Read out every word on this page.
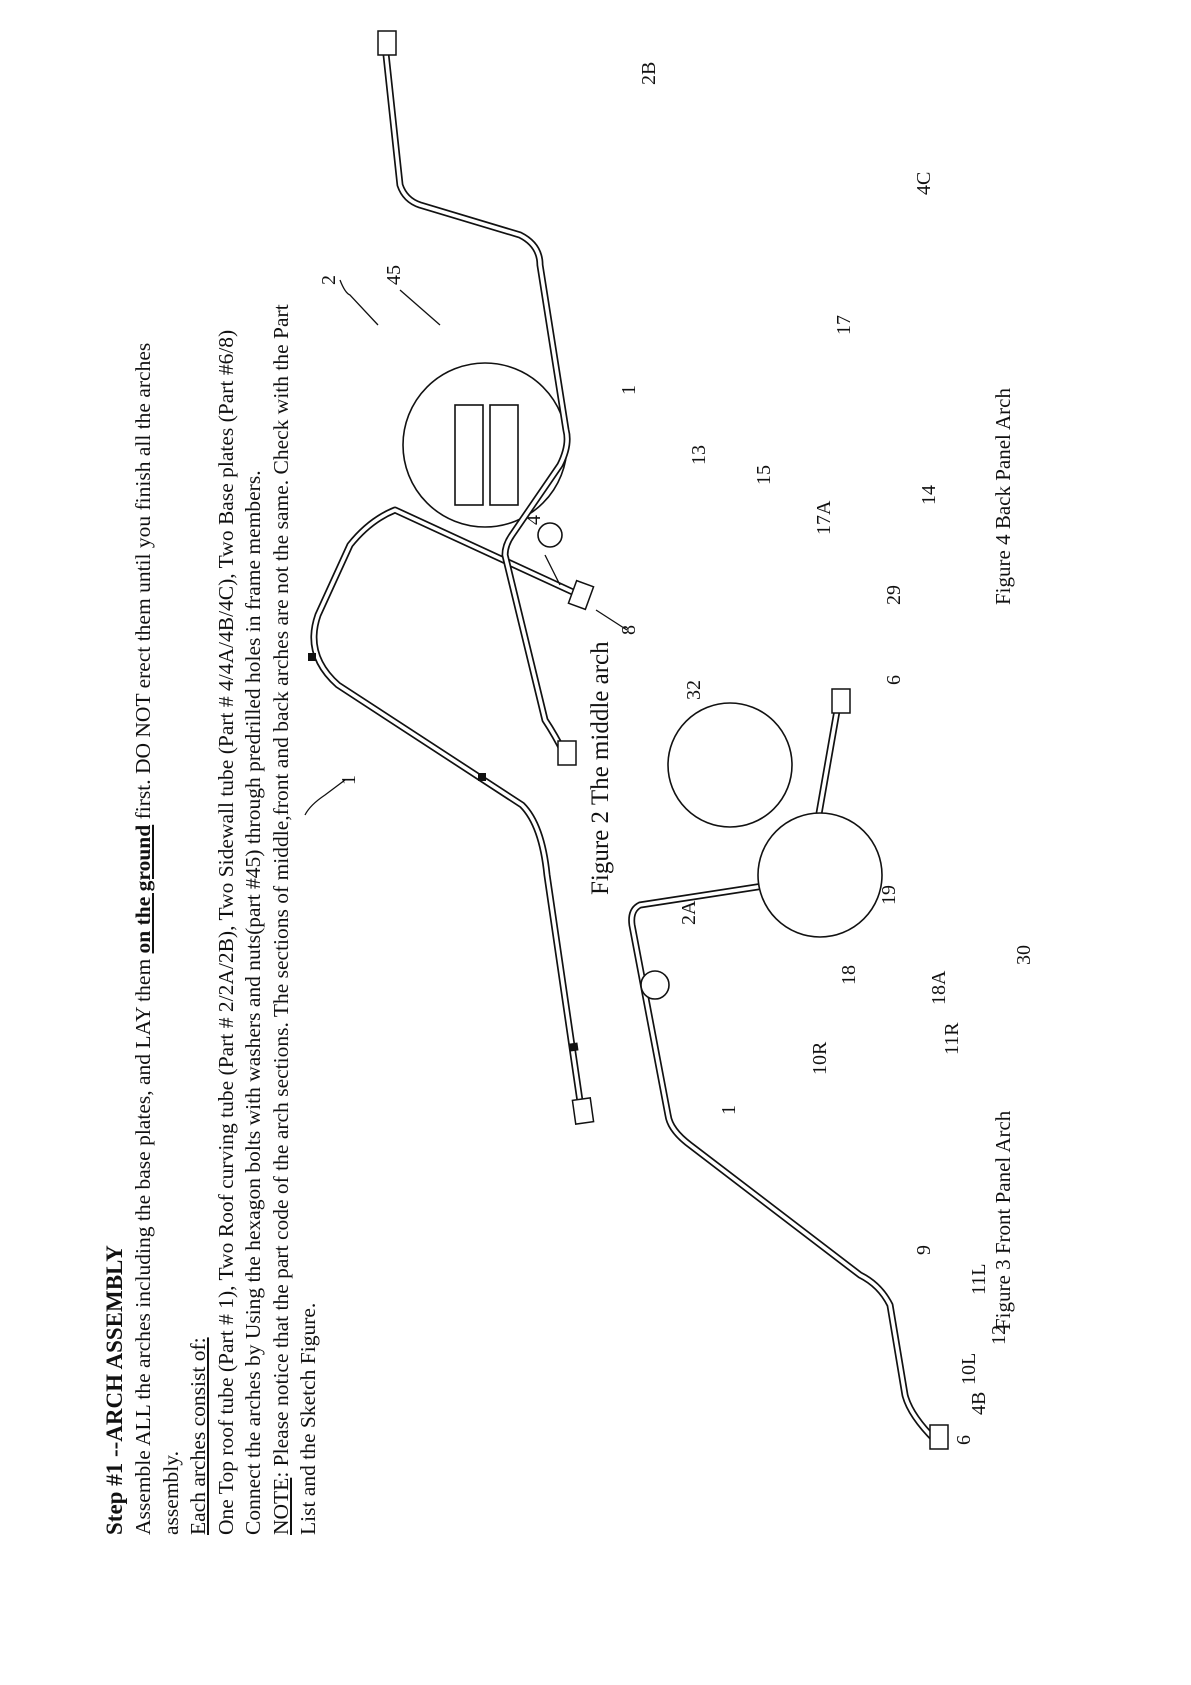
Step #1 --ARCH ASSEMBLY Assemble ALL the arches including the base plates, and LAY them on the ground first. DO NOT erect them until you finish all the arches

assembly. Each arches consist of: One Top roof tube (Part # 1), Two Roof curving tube (Part # 2/2A/2B), Two Sidewall tube (Part # 4/4A/4B/4C), Two Base plates (Part #6/8) Connect the arches by Using the hexagon bolts with washers and nuts(part #45) through predrilled holes in frame members. NOTE: Please notice that the part code of the arch sections. The sections of middle,front and back arches are not the same. Check with the Part List and the Sketch Figure.

2
1
4
8
45
Figure 2 The middle arch
Figure 3 Front Panel Arch
6
4B
12
11L
10L
9
1
2A
10R
11R
18	18A
30
Figure 4 Back Panel Arch
2B
4C
1
13
15
17
17A
14
29
6
32
19
